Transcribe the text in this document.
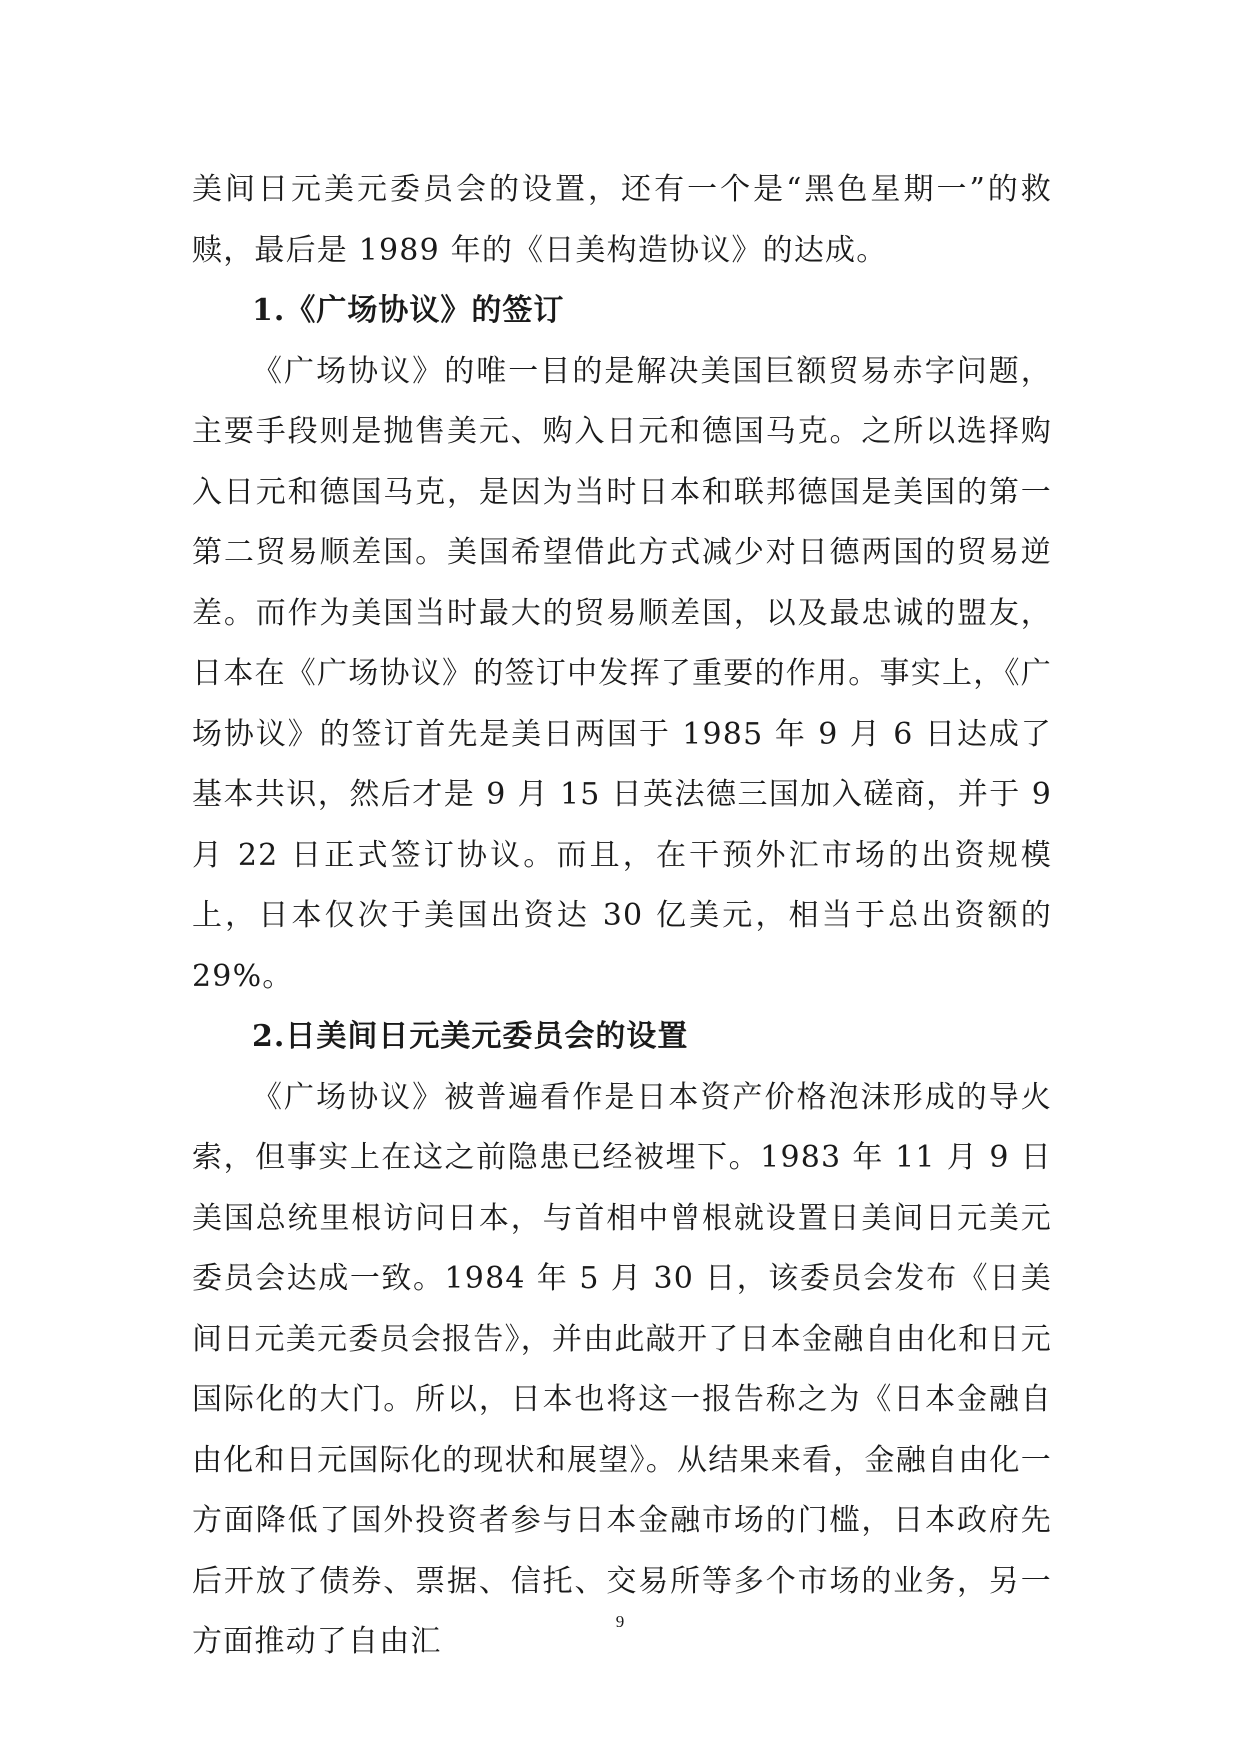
美间日元美元委员会的设置，还有一个是“黑色星期一”的救赎，最后是 1989 年的《日美构造协议》的达成。

1.《广场协议》的签订

《广场协议》的唯一目的是解决美国巨额贸易赤字问题，主要手段则是抛售美元、购入日元和德国马克。之所以选择购入日元和德国马克，是因为当时日本和联邦德国是美国的第一第二贸易顺差国。美国希望借此方式减少对日德两国的贸易逆差。而作为美国当时最大的贸易顺差国，以及最忠诚的盟友，日本在《广场协议》的签订中发挥了重要的作用。事实上，《广场协议》的签订首先是美日两国于 1985 年 9 月 6 日达成了基本共识，然后才是 9 月 15 日英法德三国加入磋商，并于 9 月 22 日正式签订协议。而且，在干预外汇市场的出资规模上，日本仅次于美国出资达 30 亿美元，相当于总出资额的 29%。

2.日美间日元美元委员会的设置

《广场协议》被普遍看作是日本资产价格泡沫形成的导火索，但事实上在这之前隐患已经被埋下。1983 年 11 月 9 日美国总统里根访问日本，与首相中曾根就设置日美间日元美元委员会达成一致。1984 年 5 月 30 日，该委员会发布《日美间日元美元委员会报告》，并由此敲开了日本金融自由化和日元国际化的大门。所以，日本也将这一报告称之为《日本金融自由化和日元国际化的现状和展望》。从结果来看，金融自由化一方面降低了国外投资者参与日本金融市场的门槛，日本政府先后开放了债券、票据、信托、交易所等多个市场的业务，另一方面推动了自由汇

9
